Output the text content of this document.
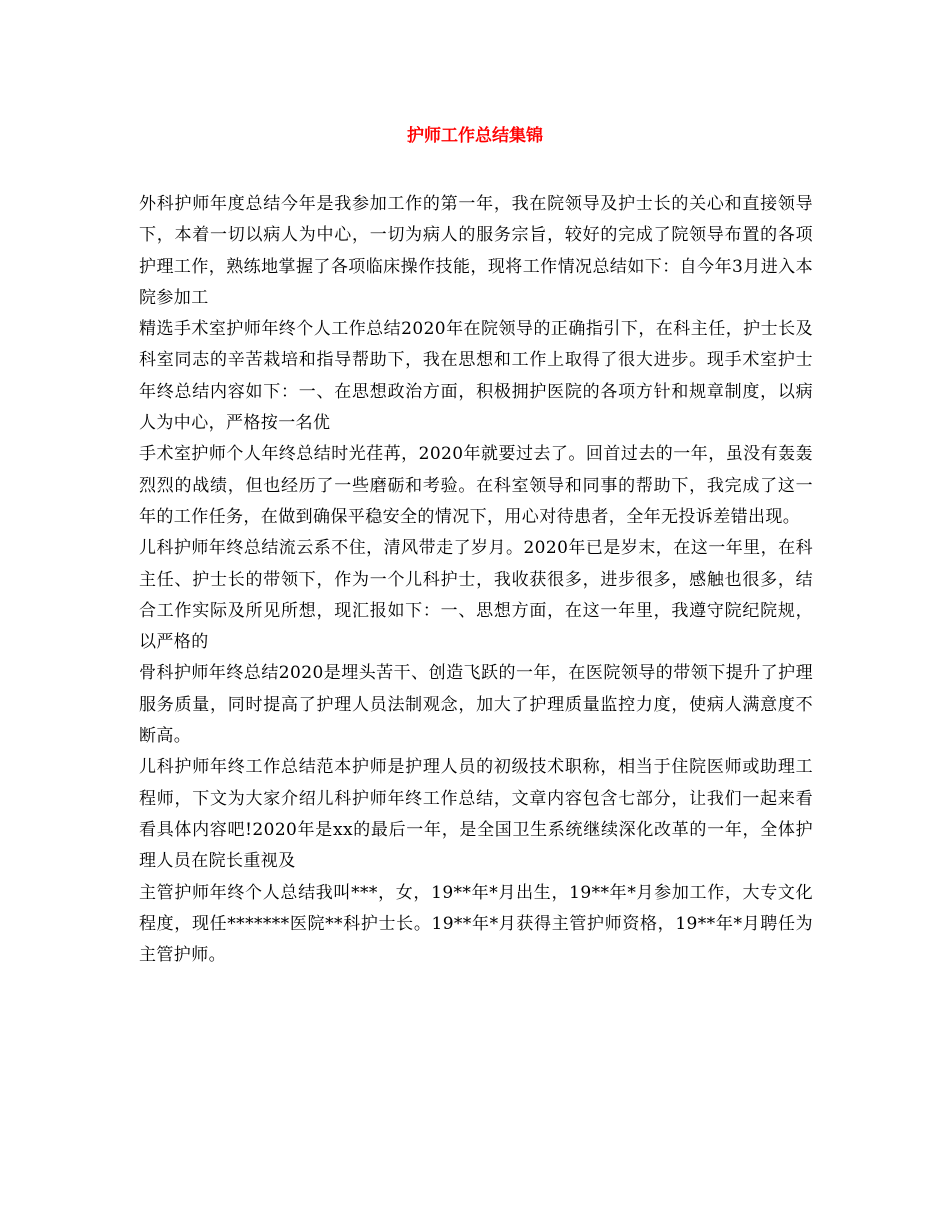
护师工作总结集锦

外科护师年度总结今年是我参加工作的第一年，我在院领导及护士长的关心和直接领导下，本着一切以病人为中心，一切为病人的服务宗旨，较好的完成了院领导布置的各项护理工作，熟练地掌握了各项临床操作技能，现将工作情况总结如下：自今年3月进入本院参加工

精选手术室护师年终个人工作总结2020年在院领导的正确指引下，在科主任，护士长及科室同志的辛苦栽培和指导帮助下，我在思想和工作上取得了很大进步。现手术室护士年终总结内容如下：一、在思想政治方面，积极拥护医院的各项方针和规章制度，以病人为中心，严格按一名优

手术室护师个人年终总结时光荏苒，2020年就要过去了。回首过去的一年，虽没有轰轰烈烈的战绩，但也经历了一些磨砺和考验。在科室领导和同事的帮助下，我完成了这一年的工作任务，在做到确保平稳安全的情况下，用心对待患者，全年无投诉差错出现。

儿科护师年终总结流云系不住，清风带走了岁月。2020年已是岁末，在这一年里，在科主任、护士长的带领下，作为一个儿科护士，我收获很多，进步很多，感触也很多，结合工作实际及所见所想，现汇报如下：一、思想方面，在这一年里，我遵守院纪院规，以严格的

骨科护师年终总结2020是埋头苦干、创造飞跃的一年，在医院领导的带领下提升了护理服务质量，同时提高了护理人员法制观念，加大了护理质量监控力度，使病人满意度不断高。

儿科护师年终工作总结范本护师是护理人员的初级技术职称，相当于住院医师或助理工程师，下文为大家介绍儿科护师年终工作总结，文章内容包含七部分，让我们一起来看看具体内容吧!2020年是xx的最后一年，是全国卫生系统继续深化改革的一年，全体护理人员在院长重视及

主管护师年终个人总结我叫***，女，19**年*月出生，19**年*月参加工作，大专文化程度，现任*******医院**科护士长。19**年*月获得主管护师资格，19**年*月聘任为主管护师。
